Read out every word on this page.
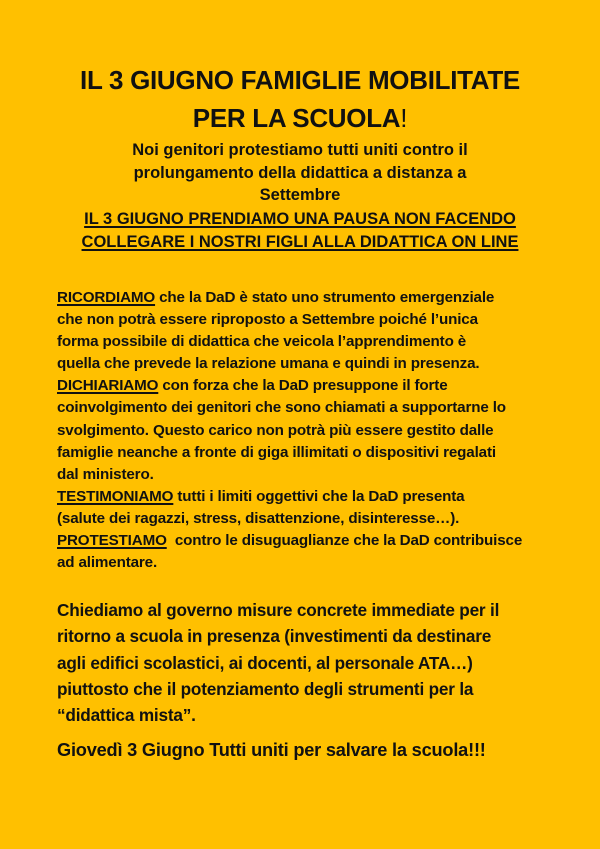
IL 3 GIUGNO FAMIGLIE MOBILITATE
PER LA SCUOLA!

Noi genitori protestiamo tutti uniti contro il
prolungamento della didattica a distanza a
Settembre

IL 3 GIUGNO PRENDIAMO UNA PAUSA NON FACENDO
COLLEGARE I NOSTRI FIGLI ALLA DIDATTICA ON LINE

RICORDIAMO che la DaD è stato uno strumento emergenziale
che non potrà essere riproposto a Settembre poiché l’unica
forma possibile di didattica che veicola l’apprendimento è
quella che prevede la relazione umana e quindi in presenza.
DICHIARIAMO con forza che la DaD presuppone il forte
coinvolgimento dei genitori che sono chiamati a supportarne lo
svolgimento. Questo carico non potrà più essere gestito dalle
famiglie neanche a fronte di giga illimitati o dispositivi regalati
dal ministero.
TESTIMONIAMO tutti i limiti oggettivi che la DaD presenta
(salute dei ragazzi, stress, disattenzione, disinteresse…).
PROTESTIAMO  contro le disuguaglianze che la DaD contribuisce
ad alimentare.
Chiediamo al governo misure concrete immediate per il
ritorno a scuola in presenza (investimenti da destinare
agli edifici scolastici, ai docenti, al personale ATA…)
piuttosto che il potenziamento degli strumenti per la
“didattica mista”.

Giovedì 3 Giugno Tutti uniti per salvare la scuola!!!
